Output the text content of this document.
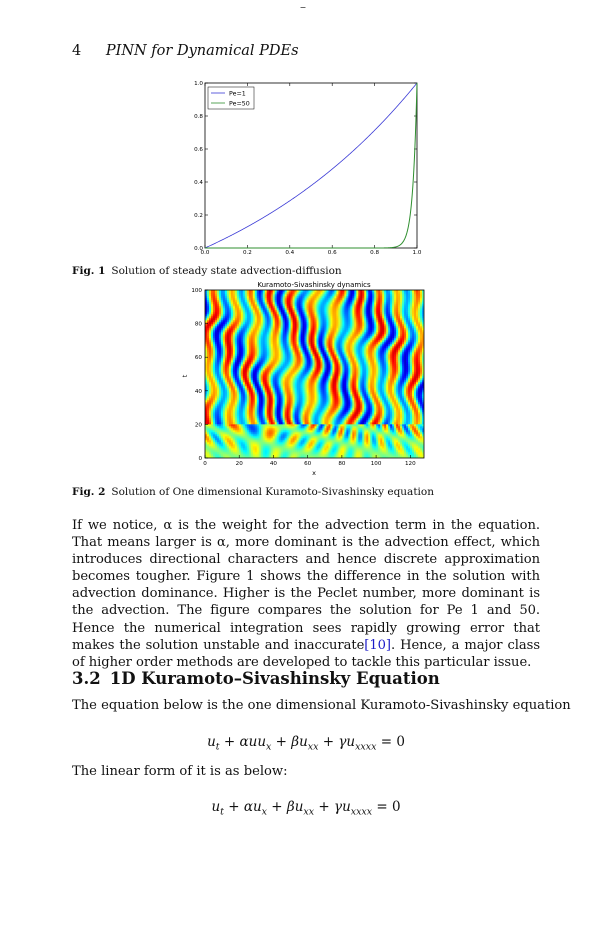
–
4 PINN for Dynamical PDEs
0.0	0.2	0.4	0.6	0.8	1.0
0.0
0.2
0.4
0.6
0.8
1.0
Pe=1
Pe=50
Fig. 1 Solution of steady state advection-diffusion
Kuramoto-Sivashinsky dynamics
0	20	40	60	80	100	120
0
20
40
60
80
100
x
t
Fig. 2 Solution of One dimensional Kuramoto-Sivashinsky equation
If we notice, α is the weight for the advection term in the equation. That means larger is α, more dominant is the advection effect, which introduces directional characters and hence discrete approximation becomes tougher. Figure 1 shows the difference in the solution with advection dominance. Higher is the Peclet number, more dominant is the advection. The figure compares the solution for Pe 1 and 50. Hence the numerical integration sees rapidly growing error that makes the solution unstable and inaccurate[10]. Hence, a major class of higher order methods are developed to tackle this particular issue.
3.2 1D Kuramoto–Sivashinsky Equation
The equation below is the one dimensional Kuramoto-Sivashinsky equation
$u_t + \alpha uu_x + \beta u_{xx} + \gamma u_{xxxx} = 0$
The linear form of it is as below:
$u_t + \alpha u_x + \beta u_{xx} + \gamma u_{xxxx} = 0$
